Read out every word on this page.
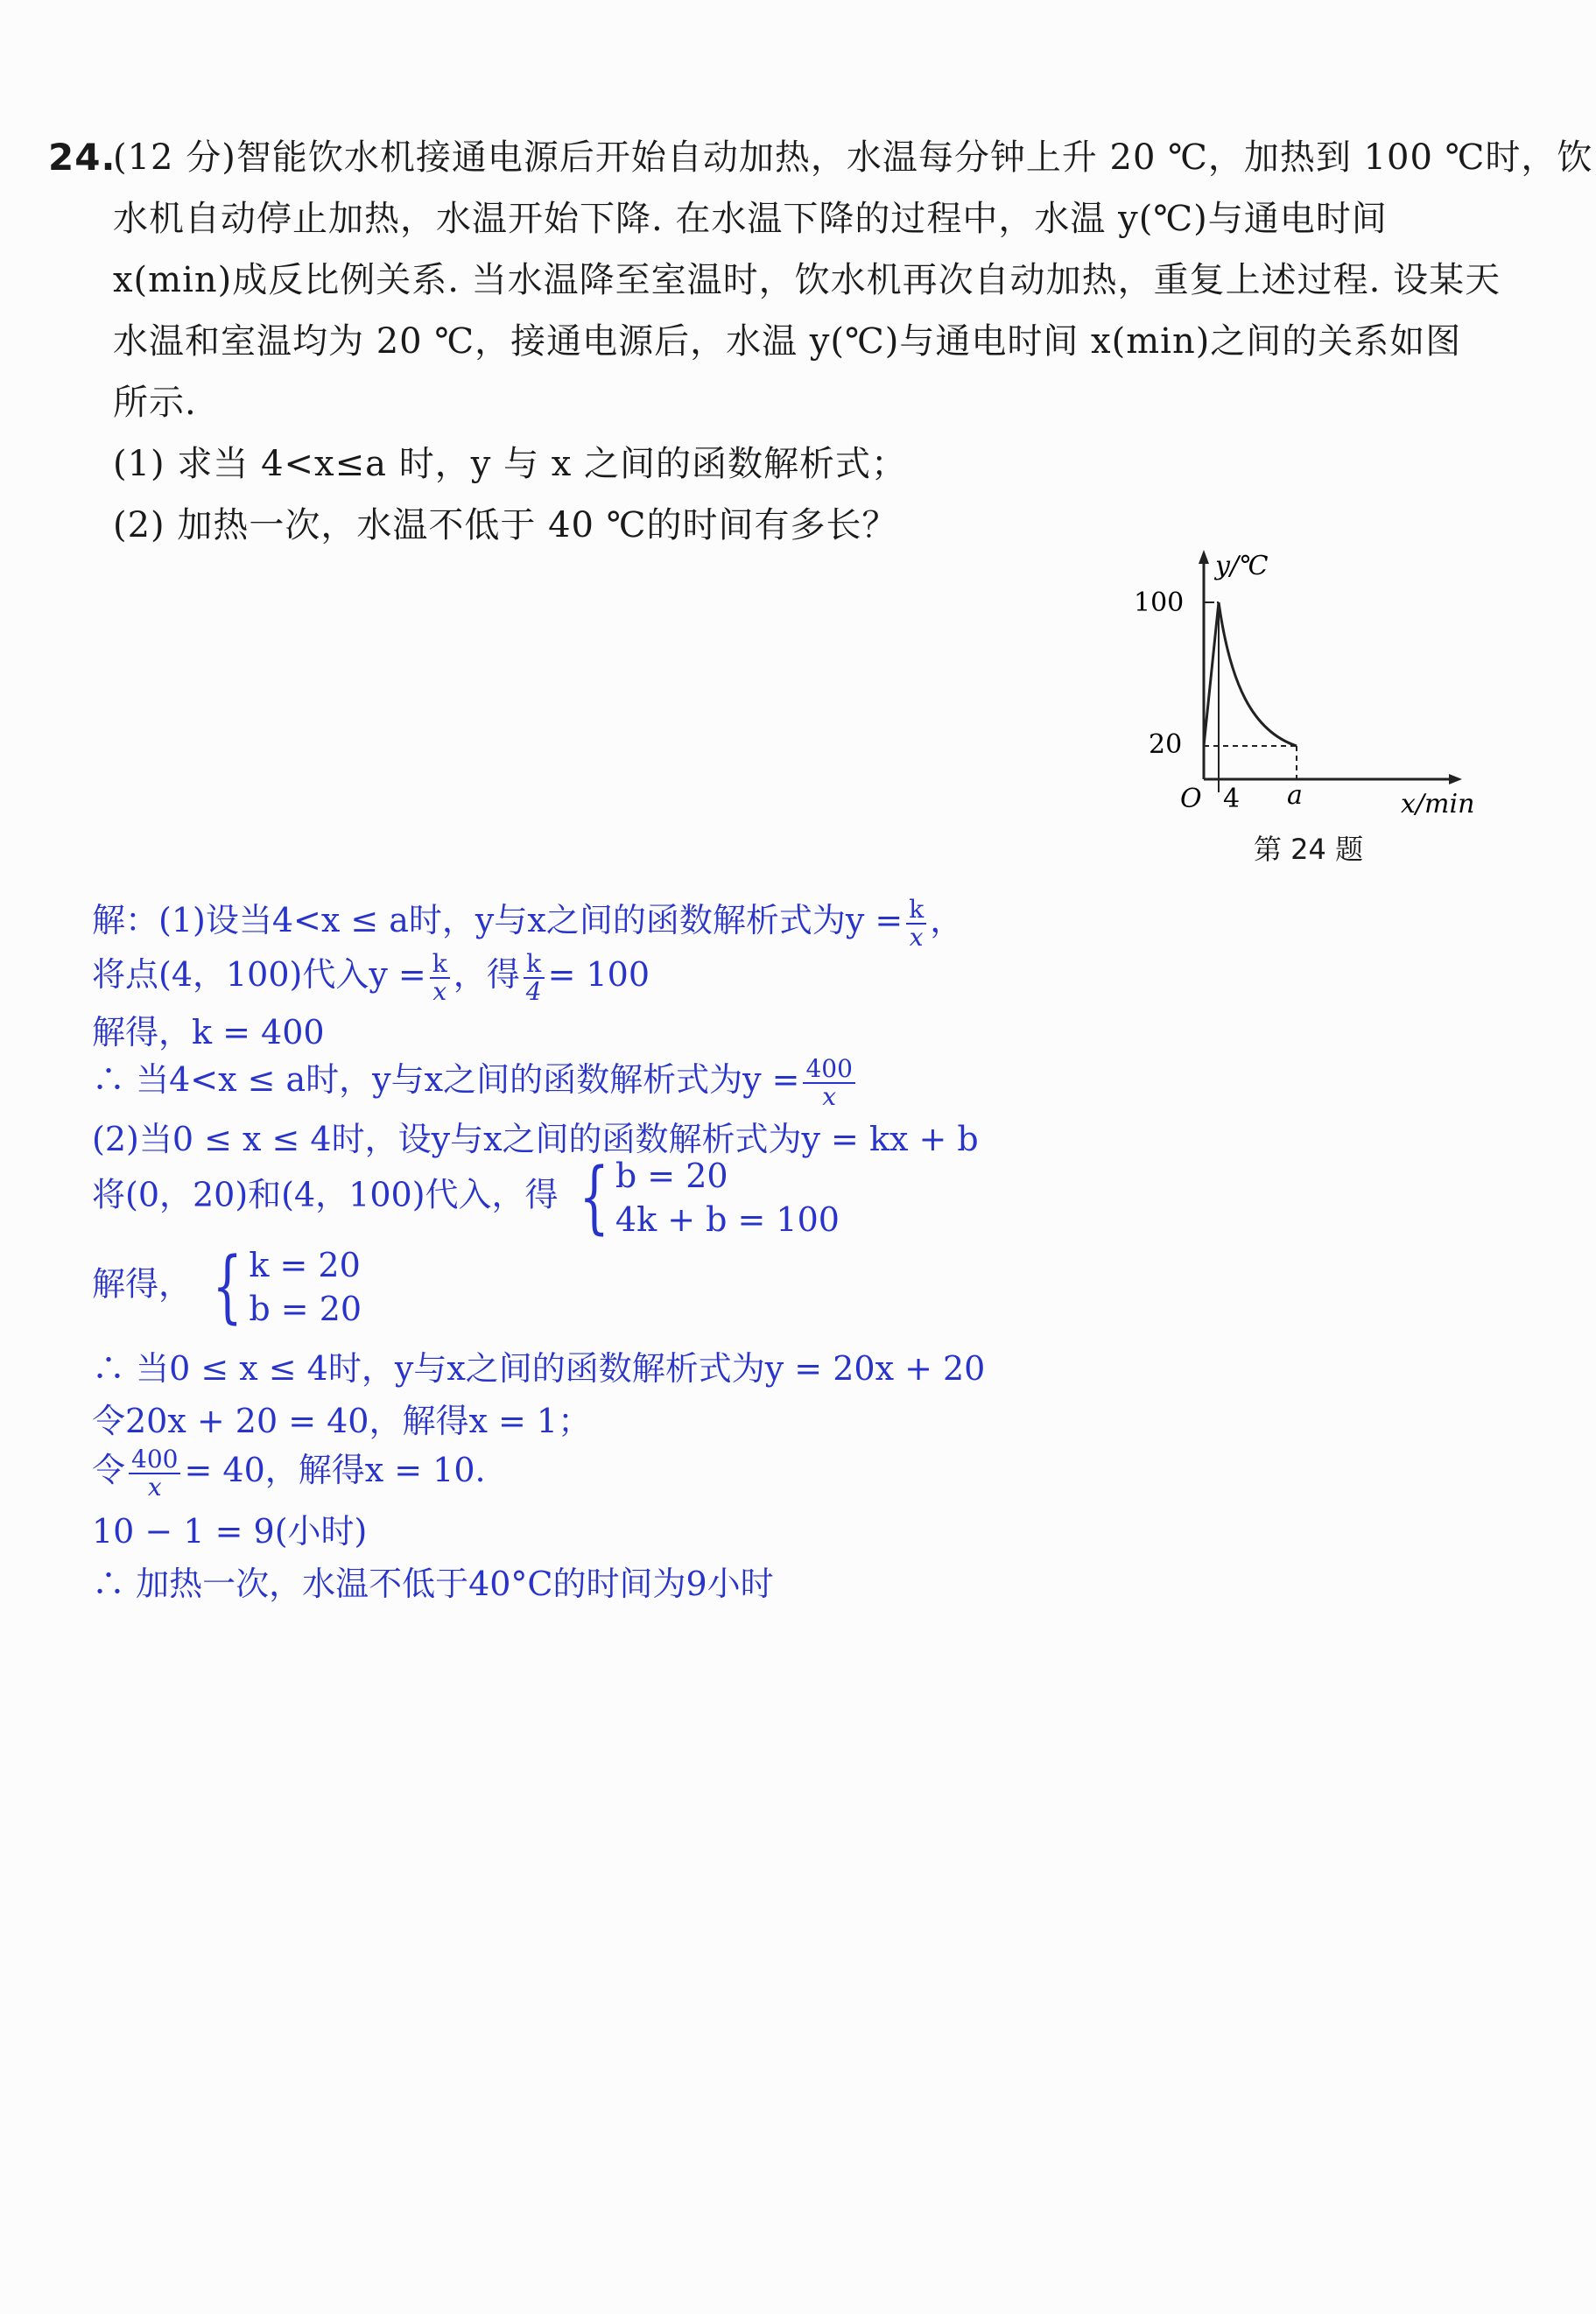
24.
(12 分)智能饮水机接通电源后开始自动加热，水温每分钟上升 20 ℃，加热到 100 ℃时，饮
水机自动停止加热，水温开始下降. 在水温下降的过程中，水温 y(℃)与通电时间
x(min)成反比例关系. 当水温降至室温时，饮水机再次自动加热，重复上述过程. 设某天
水温和室温均为 20 ℃，接通电源后，水温 y(℃)与通电时间 x(min)之间的关系如图
所示.
(1) 求当 4<x≤a 时，y 与 x 之间的函数解析式；
(2) 加热一次，水温不低于 40 ℃的时间有多长？
y/℃
x/min
O
100
20
4 a
第 24 题
解：(1)设当4<x ≤ a时，y与x之间的函数解析式为$y = \frac{k}{x}$ ，
将点(4，100)代入$y = \frac{k}{x}$ ，得 $\frac{k}{4} = 100$
解得，k = 400
∴ 当4<x ≤ a时，y与x之间的函数解析式为$y = \frac{400}{x}$
(2)当0 ≤ x ≤ 4时，设y与x之间的函数解析式为y = kx + b
将(0，20)和(4，100)代入，得 { b = 20
4k + b = 100
解得， { k = 20
b = 20
∴ 当0 ≤ x ≤ 4时，y与x之间的函数解析式为y = 20x + 20
令20x + 20 = 40，解得x = 1；
令 $\frac{400}{x} = 40$，解得x = 10.
10 − 1 = 9(小时)
∴ 加热一次，水温不低于40°C的时间为9小时
